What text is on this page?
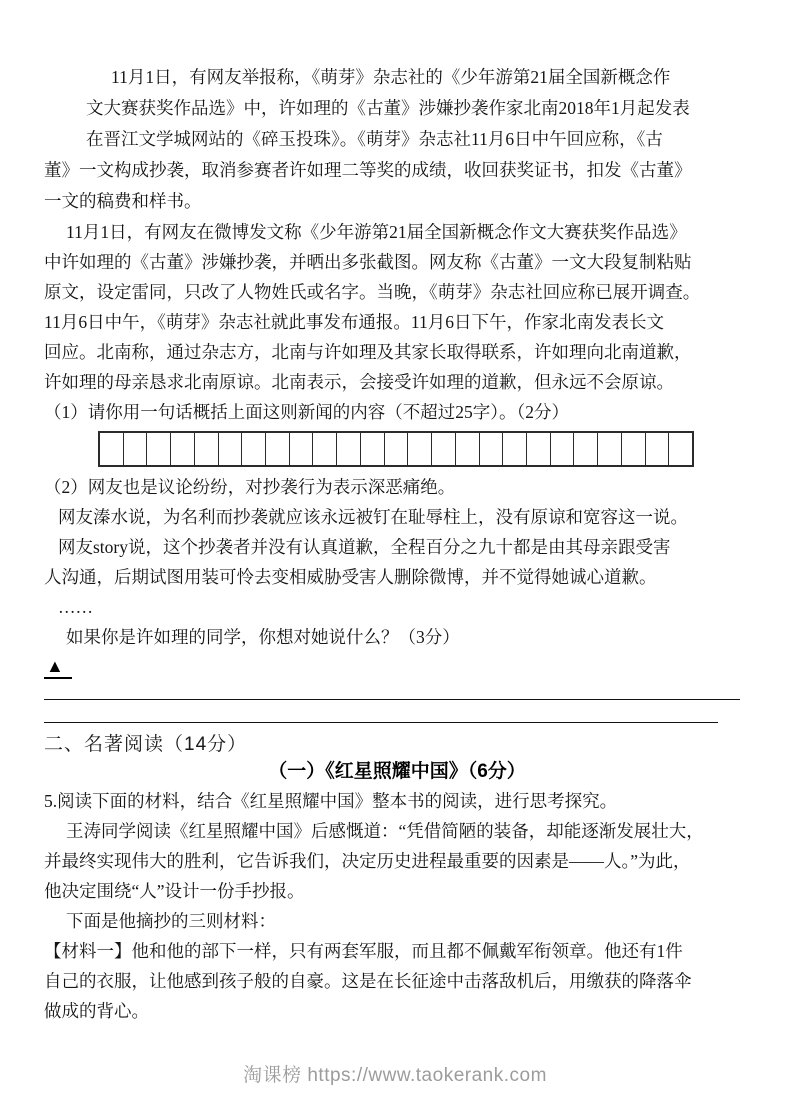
11月1日，有网友举报称，《萌芽》杂志社的《少年游第21届全国新概念作
文大赛获奖作品选》中，许如理的《古董》涉嫌抄袭作家北南2018年1月起发表
在晋江文学城网站的《碎玉投珠》。《萌芽》杂志社11月6日中午回应称，《古
董》一文构成抄袭，取消参赛者许如理二等奖的成绩，收回获奖证书，扣发《古董》
一文的稿费和样书。
11月1日，有网友在微博发文称《少年游第21届全国新概念作文大赛获奖作品选》
中许如理的《古董》涉嫌抄袭，并晒出多张截图。网友称《古董》一文大段复制粘贴
原文，设定雷同，只改了人物姓氏或名字。当晚，《萌芽》杂志社回应称已展开调查。
11月6日中午，《萌芽》杂志社就此事发布通报。11月6日下午，作家北南发表长文
回应。北南称，通过杂志方，北南与许如理及其家长取得联系，许如理向北南道歉，
许如理的母亲恳求北南原谅。北南表示，会接受许如理的道歉，但永远不会原谅。
（1）请你用一句话概括上面这则新闻的内容（不超过25字）。（2分）
（2）网友也是议论纷纷，对抄袭行为表示深恶痛绝。
网友溱水说，为名利而抄袭就应该永远被钉在耻辱柱上，没有原谅和宽容这一说。
网友story说，这个抄袭者并没有认真道歉，全程百分之九十都是由其母亲跟受害
人沟通，后期试图用装可怜去变相威胁受害人删除微博，并不觉得她诚心道歉。
……
如果你是许如理的同学，你想对她说什么？（3分）
▲
二、名著阅读（14分）
（一）《红星照耀中国》（6分）
5.阅读下面的材料，结合《红星照耀中国》整本书的阅读，进行思考探究。
王涛同学阅读《红星照耀中国》后感慨道：“凭借简陋的装备，却能逐渐发展壮大，
并最终实现伟大的胜利，它告诉我们，决定历史进程最重要的因素是——人。”为此，
他决定围绕“人”设计一份手抄报。
下面是他摘抄的三则材料：
【材料一】他和他的部下一样，只有两套军服，而且都不佩戴军衔领章。他还有1件
自己的衣服，让他感到孩子般的自豪。这是在长征途中击落敌机后，用缴获的降落伞
做成的背心。
淘课榜 https://www.taokerank.com
